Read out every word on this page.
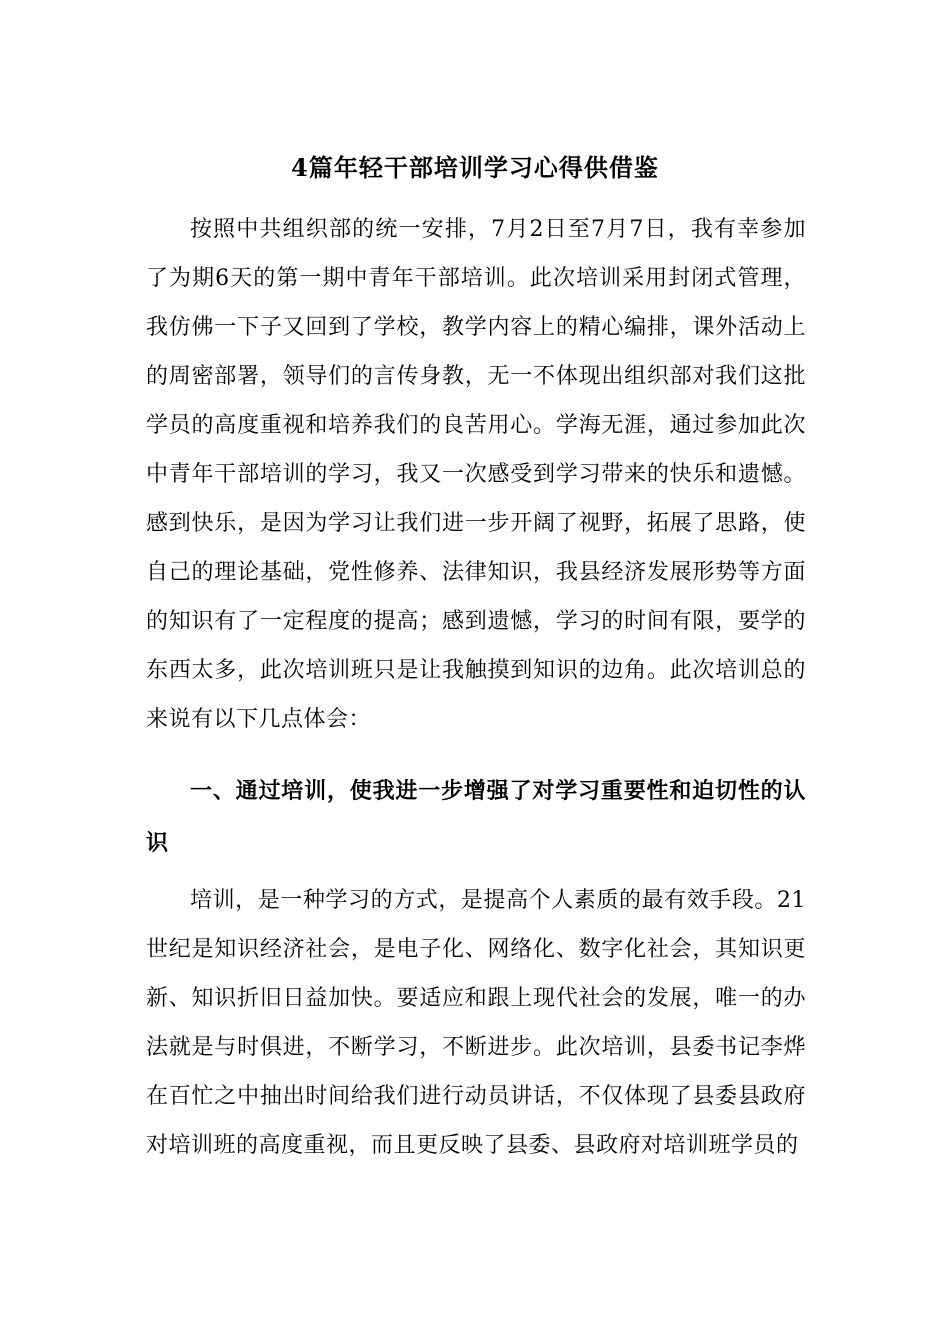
4篇年轻干部培训学习心得供借鉴

按照中共组织部的统一安排，7月2日至7月7日，我有幸参加了为期6天的第一期中青年干部培训。此次培训采用封闭式管理，我仿佛一下子又回到了学校，教学内容上的精心编排，课外活动上的周密部署，领导们的言传身教，无一不体现出组织部对我们这批学员的高度重视和培养我们的良苦用心。学海无涯，通过参加此次中青年干部培训的学习，我又一次感受到学习带来的快乐和遗憾。感到快乐，是因为学习让我们进一步开阔了视野，拓展了思路，使自己的理论基础，党性修养、法律知识，我县经济发展形势等方面的知识有了一定程度的提高；感到遗憾，学习的时间有限，要学的东西太多，此次培训班只是让我触摸到知识的边角。此次培训总的来说有以下几点体会：

一、通过培训，使我进一步增强了对学习重要性和迫切性的认识

培训，是一种学习的方式，是提高个人素质的最有效手段。21世纪是知识经济社会，是电子化、网络化、数字化社会，其知识更新、知识折旧日益加快。要适应和跟上现代社会的发展，唯一的办法就是与时俱进，不断学习，不断进步。此次培训，县委书记李烨在百忙之中抽出时间给我们进行动员讲话，不仅体现了县委县政府对培训班的高度重视，而且更反映了县委、县政府对培训班学员的
